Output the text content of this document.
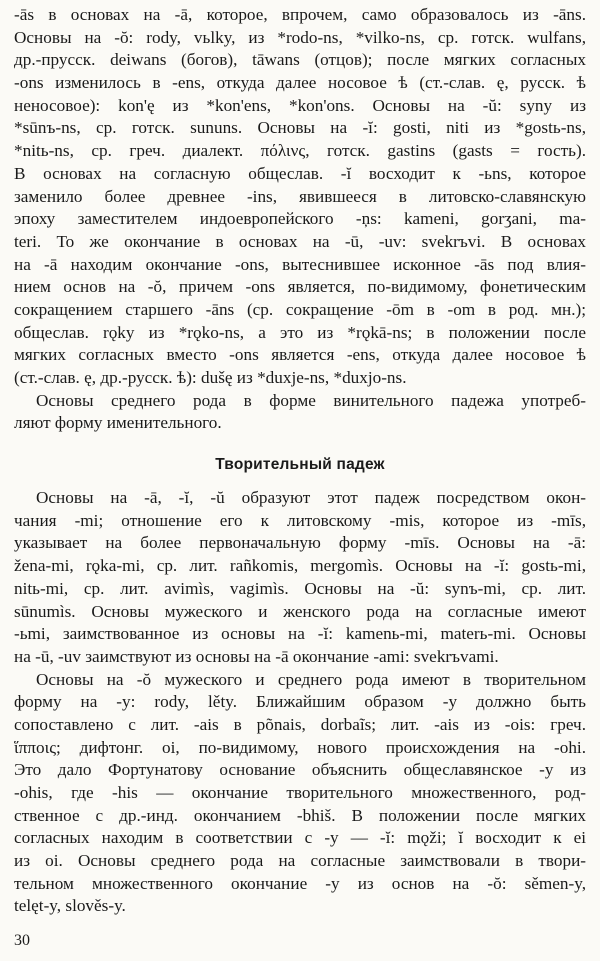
-ās в основах на -ā, которое, впрочем, само образовалось из -āns.
Основы на -ŏ: rody, vьlky, из *rodo-ns, *vilko-ns, ср. готск. wulfans,
др.-прусск. deiwans (богов), tāwans (отцов); после мягких согласных
-ons изменилось в -ens, откуда далее носовое ѣ (ст.-слав. ę, русск. ѣ
неносовое): kon'ę из *kon'ens, *kon'ons. Основы на -ŭ: syny из
*sūnъ-ns, ср. готск. sununs. Основы на -ĭ: gosti, niti из *gostь-ns,
*nitь-ns, ср. греч. диалект. πόλινς, готск. gastins (gasts = гость).
В основах на согласную общеслав. -ĭ восходит к -ьns, которое
заменило более древнее -ins, явившееся в литовско-славянскую
эпоху заместителем индоевропейского -ņs: kameni, gorʒani, ma-
teri. То же окончание в основах на -ū, -uv: svekrъvi. В основах
на -ā находим окончание -ons, вытеснившее исконное -ās под влия-
нием основ на -ŏ, причем -ons является, по-видимому, фонетическим
сокращением старшего -āns (ср. сокращение -ōm в -om в род. мн.);
общеслав. rǫky из *rǫko-ns, а это из *rǫkā-ns; в положении после
мягких согласных вместо -ons является -ens, откуда далее носовое ѣ
(ст.-слав. ę, др.-русск. ѣ): dušę из *duxje-ns, *duxjo-ns.
Основы среднего рода в форме винительного падежа употреб-
ляют форму именительного.
Творительный падеж
Основы на -ā, -ĭ, -ŭ образуют этот падеж посредством окон-
чания -mi; отношение его к литовскому -mis, которое из -mīs,
указывает на более первоначальную форму -mīs. Основы на -ā:
žena-mi, rǫka-mi, ср. лит. rañkomis, mergomìs. Основы на -ĭ: gostь-mi,
nitь-mi, ср. лит. avimìs, vagimìs. Основы на -ŭ: synъ-mi, ср. лит.
sūnumìs. Основы мужеского и женского рода на согласные имеют
-ьmi, заимствованное из основы на -ĭ: kamenь-mi, materь-mi. Основы
на -ū, -uv заимствуют из основы на -ā окончание -ami: svekrъvami.
Основы на -ŏ мужеского и среднего рода имеют в творительном
форму на -y: rody, lěty. Ближайшим образом -y должно быть
сопоставлено с лит. -ais в põnais, dorbaĩs; лит. -ais из -ois: греч.
ἵπποις; дифтонг. oi, по-видимому, нового происхождения на -ohi.
Это дало Фортунатову основание объяснить общеславянское -y из
-ohis, где -his — окончание творительного множественного, род-
ственное с др.-инд. окончанием -bhiš. В положении после мягких
согласных находим в соответствии с -y — -ĭ: mǫži; ĭ восходит к ei
из oi. Основы среднего рода на согласные заимствовали в твори-
тельном множественного окончание -y из основ на -ŏ: sěmen-y,
telęt-y, slověs-y.
30
